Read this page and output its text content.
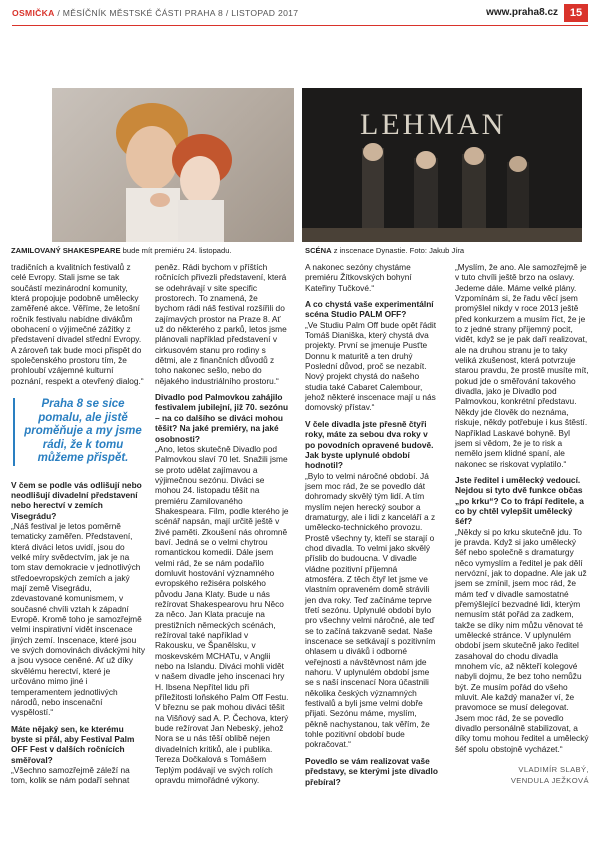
OSMIČKA / MĚSÍČNÍK MĚSTSKÉ ČÁSTI PRAHA 8 / LISTOPAD 2017	www.praha8.cz	15
LEHMAN
ZAMILOVANÝ SHAKESPEARE bude mít premiéru 24. listopadu.	SCÉNA z inscenace Dynastie. Foto: Jakub Jíra

tradičních a kvalitních festivalů z celé Evropy. Stali jsme se tak součástí mezinárodní komunity, která propojuje podobně umělecky zaměřené akce. Věříme, že letošní ročník festivalu nabídne divákům obohacení o výjimečné zážitky z představení divadel střední Evropy. A zároveň tak bude moci přispět do společenského prostoru tím, že prohloubí vzájemné kulturní poznání, respekt a otevřený dialog.“

Praha 8 se sice pomalu, ale jistě proměňuje a my jsme rádi, že k tomu můžeme přispět.

V čem se podle vás odlišují nebo neodlišují divadelní představení nebo herectví v zemích Visegrádu?

„Náš festival je letos poměrně tematicky zaměřen. Představení, která diváci letos uvidí, jsou do velké míry svědectvím, jak je na tom stav demokracie v jednotlivých středoevropských zemích a jaký mají země Visegrádu, zdevastované komunismem, v současné chvíli vztah k západní Evropě. Kromě toho je samozřejmě velmi inspirativní vidět inscenace jiných zemí. Inscenace, které jsou ve svých domovinách diváckými hity a jsou vysoce ceněné. Ať už díky skvělému herectví, které je určováno mimo jiné i temperamentem jednotlivých národů, nebo inscenační vyspělostí.“

Máte nějaký sen, ke kterému byste si přál, aby Festival Palm OFF Fest v dalších ročnících směřoval?

„Všechno samozřejmě záleží na tom, kolik se nám podaří sehnat

peněz. Rádi bychom v příštích ročnících přivezli představení, která se odehrávají v site specific prostorech. To znamená, že bychom rádi náš festival rozšířili do zajímavých prostor na Praze 8. Ať už do některého z parků, letos jsme plánovali například představení v cirkusovém stanu pro rodiny s dětmi, ale z finančních důvodů z toho nakonec sešlo, nebo do nějakého industriálního prostoru.“

Divadlo pod Palmovkou zahájilo festivalem jubilejní, již 70. sezónu – na co dalšího se diváci mohou těšit? Na jaké premiéry, na jaké osobnosti?

„Ano, letos skutečně Divadlo pod Palmovkou slaví 70 let. Snažili jsme se proto udělat zajímavou a výjimečnou sezónu. Diváci se mohou 24. listopadu těšit na premiéru Zamilovaného Shakespeara. Film, podle kterého je scénář napsán, mají určitě ještě v živé paměti. Zkoušení nás ohromně baví. Jedná se o velmi chytrou romantickou komedii. Dále jsem velmi rád, že se nám podařilo domluvit hostování významného evropského režiséra polského původu Jana Klaty. Bude u nás režírovat Shakespearovu hru Něco za něco. Jan Klata pracuje na prestižních německých scénách, režíroval také například v Rakousku, ve Španělsku, v moskevském MCHATu, v Anglii nebo na Islandu. Diváci mohli vidět v našem divadle jeho inscenaci hry H. Ibsena Nepřítel lidu při příležitosti loňského Palm Off Festu. V březnu se pak mohou diváci těšit na Višňový sad A. P. Čechova, který bude režírovat Jan Nebeský, jehož Nora se u nás těší oblibě nejen divadelních kritiků, ale i publika. Tereza Dočkalová s Tomášem Teplým podávají ve svých rolích opravdu mimořádné výkony.

A nakonec sezóny chystáme premiéru Žítkovských bohyní Kateřiny Tučkové.“

A co chystá vaše experimentální scéna Studio PALM OFF?

„Ve Studiu Palm Off bude opět řádit Tomáš Dianiška, který chystá dva projekty. První se jmenuje Pusťte Donnu k maturitě a ten druhý Poslední důvod, proč se nezabít. Nový projekt chystá do našeho studia také Cabaret Calembour, jehož některé inscenace mají u nás domovský přístav.“

V čele divadla jste přesně čtyři roky, máte za sebou dva roky v po povodních opravené budově. Jak byste uplynulé období hodnotil?

„Bylo to velmi náročné období. Já jsem moc rád, že se povedlo dát dohromady skvělý tým lidí. A tím myslím nejen herecký soubor a dramaturgy, ale i lidi z kanceláří a z umělecko-technického provozu. Prostě všechny ty, kteří se starají o chod divadla. To velmi jako skvělý příslib do budoucna. V divadle vládne pozitivní příjemná atmosféra. Z těch čtyř let jsme ve vlastním opraveném domě strávili jen dva roky. Teď začínáme teprve třetí sezónu. Uplynulé období bylo pro všechny velmi náročné, ale teď se to začíná takzvaně sedat. Naše inscenace se setkávají s pozitivním ohlasem u diváků i odborné veřejnosti a návštěvnost nám jde nahoru. V uplynulém období jsme se s naší inscenací Nora účastnili několika českých významných festivalů a byli jsme velmi dobře přijati. Sezónu máme, myslím, pěkně nachystanou, tak věřím, že tohle pozitivní období bude pokračovat.“

Povedlo se vám realizovat vaše představy, se kterými jste divadlo přebíral?

„Myslím, že ano. Ale samozřejmě je v tuto chvíli ještě brzo na oslavy. Jedeme dále. Máme velké plány. Vzpomínám si, že řadu věcí jsem promýšlel nikdy v roce 2013 ještě před konkurzem a musím říct, že je to z jedné strany příjemný pocit, vidět, když se je pak daří realizovat, ale na druhou stranu je to taky veliká zkušenost, která potvrzuje starou pravdu, že prostě musíte mít, pokud jde o směřování takového divadla, jako je Divadlo pod Palmovkou, konkrétní představu. Někdy jde člověk do neznáma, riskuje, někdy potřebuje i kus štěstí. Například Laskavé bohyně. Byl jsem si vědom, že je to risk a nemělo jsem klidné spaní, ale nakonec se riskovat vyplatilo.“

Jste ředitel i umělecký vedoucí. Nejdou si tyto dvě funkce občas „po krku“? Co to frápí ředitele, a co by chtěl vylepšit umělecký šéf?

„Někdy si po krku skutečně jdu. To je pravda. Když si jako umělecký šéf nebo společně s dramaturgy něco vymyslím a ředitel je pak dělí nervózní, jak to dopadne. Ale jak už jsem se zmínil, jsem moc rád, že mám teď v divadle samostatné přemýšlející bezvadné lidi, kterým nemusím stát pořád za zadkem, takže se díky nim můžu věnovat té umělecké stránce. V uplynulém období jsem skutečně jako ředitel zasahoval do chodu divadla mnohem víc, až někteří kolegové nabyli dojmu, že bez toho nemůžu být. Ze musím pořád do všeho mluvit. Ale každý manažer ví, že pravomoce se musí delegovat. Jsem moc rád, že se povedlo divadlo personálně stabilizovat, a díky tomu mohou ředitel a umělecký šéf spolu obstojně vycházet.“

VLADIMÍR SLABÝ,
VENDULA JEŽKOVÁ
